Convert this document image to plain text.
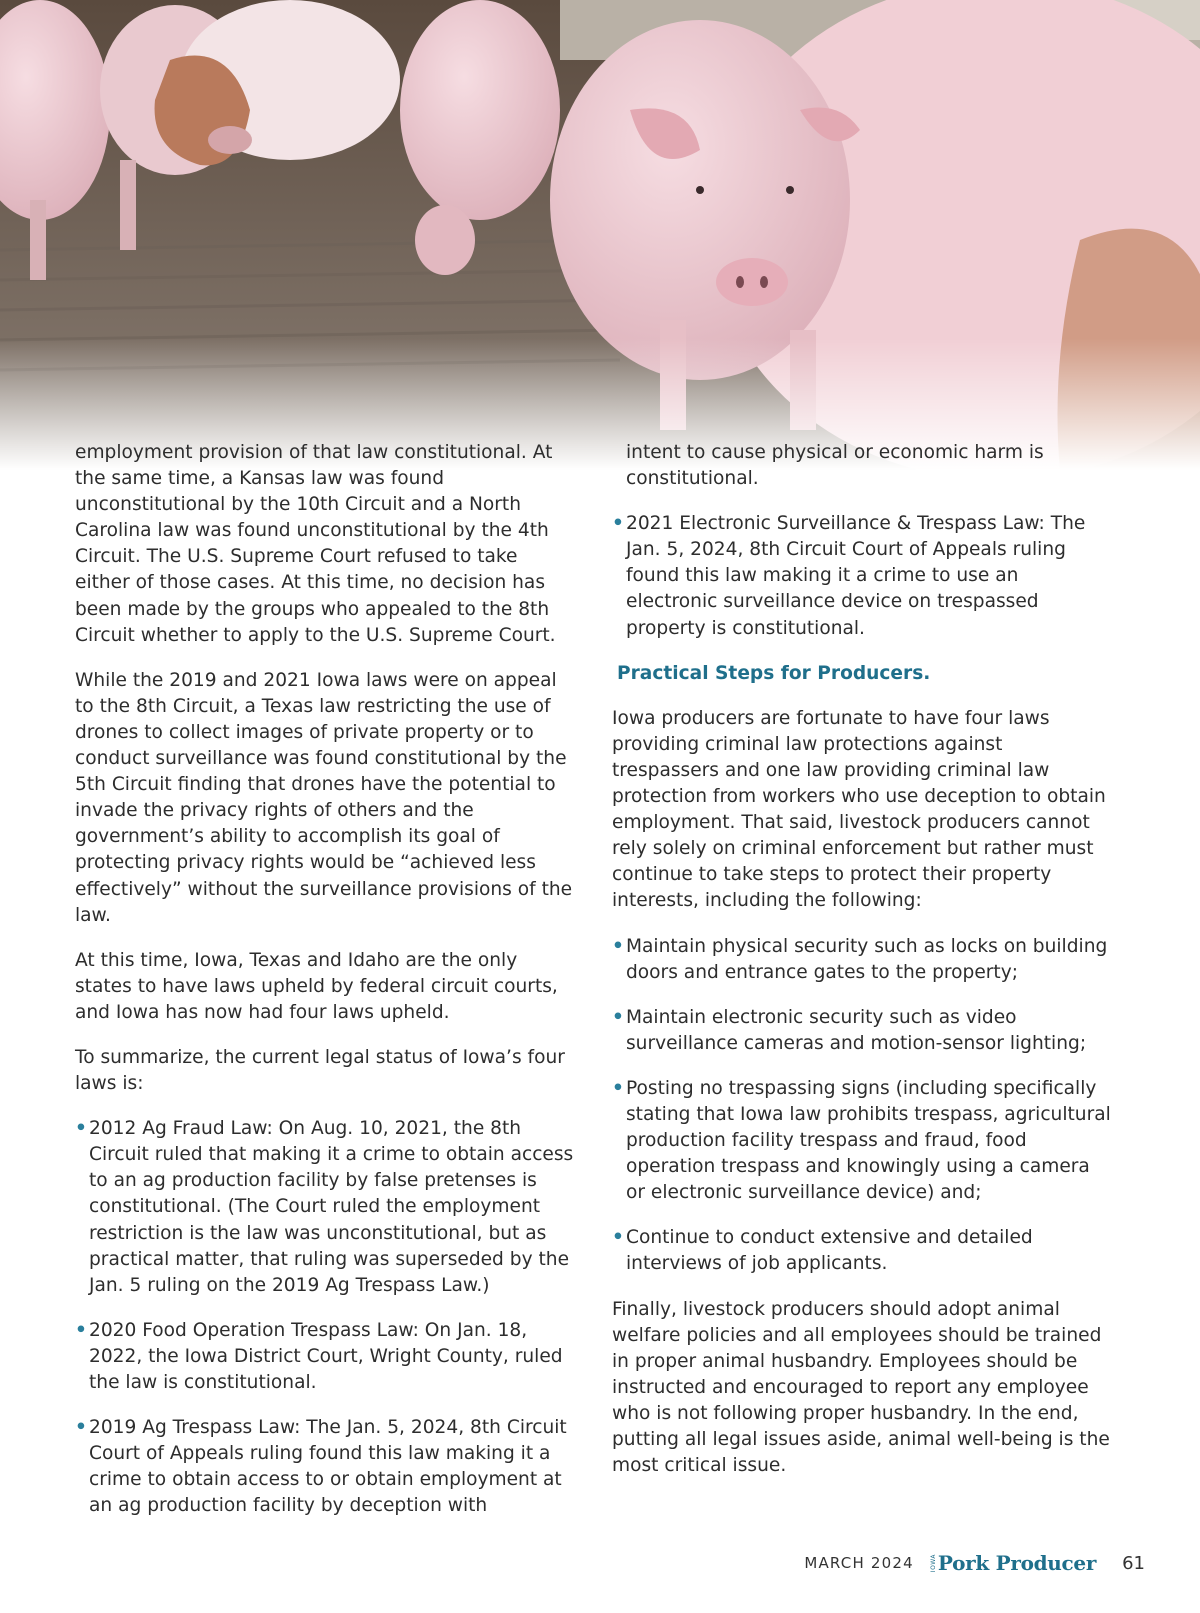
employment provision of that law constitutional. At the same time, a Kansas law was found unconstitutional by the 10th Circuit and a North Carolina law was found unconstitutional by the 4th Circuit. The U.S. Supreme Court refused to take either of those cases. At this time, no decision has been made by the groups who appealed to the 8th Circuit whether to apply to the U.S. Supreme Court.

While the 2019 and 2021 Iowa laws were on appeal to the 8th Circuit, a Texas law restricting the use of drones to collect images of private property or to conduct surveillance was found constitutional by the 5th Circuit finding that drones have the potential to invade the privacy rights of others and the government’s ability to accomplish its goal of protecting privacy rights would be “achieved less effectively” without the surveillance provisions of the law.

At this time, Iowa, Texas and Idaho are the only states to have laws upheld by federal circuit courts, and Iowa has now had four laws upheld.

To summarize, the current legal status of Iowa’s four laws is:

• 2012 Ag Fraud Law: On Aug. 10, 2021, the 8th Circuit ruled that making it a crime to obtain access to an ag production facility by false pretenses is constitutional. (The Court ruled the employment restriction is the law was unconstitutional, but as practical matter, that ruling was superseded by the Jan. 5 ruling on the 2019 Ag Trespass Law.)
• 2020 Food Operation Trespass Law: On Jan. 18, 2022, the Iowa District Court, Wright County, ruled the law is constitutional.
• 2019 Ag Trespass Law: The Jan. 5, 2024, 8th Circuit Court of Appeals ruling found this law making it a crime to obtain access to or obtain employment at an ag production facility by deception with
intent to cause physical or economic harm is constitutional.
• 2021 Electronic Surveillance & Trespass Law: The Jan. 5, 2024, 8th Circuit Court of Appeals ruling found this law making it a crime to use an electronic surveillance device on trespassed property is constitutional.
Practical Steps for Producers.

Iowa producers are fortunate to have four laws providing criminal law protections against trespassers and one law providing criminal law protection from workers who use deception to obtain employment. That said, livestock producers cannot rely solely on criminal enforcement but rather must continue to take steps to protect their property interests, including the following:

• Maintain physical security such as locks on building doors and entrance gates to the property;
• Maintain electronic security such as video surveillance cameras and motion-sensor lighting;
• Posting no trespassing signs (including specifically stating that Iowa law prohibits trespass, agricultural production facility trespass and fraud, food operation trespass and knowingly using a camera or electronic surveillance device) and;
• Continue to conduct extensive and detailed interviews of job applicants.

Finally, livestock producers should adopt animal welfare policies and all employees should be trained in proper animal husbandry. Employees should be instructed and encouraged to report any employee who is not following proper husbandry. In the end, putting all legal issues aside, animal well-being is the most critical issue.

MARCH 2024	IOWA Pork Producer 61
